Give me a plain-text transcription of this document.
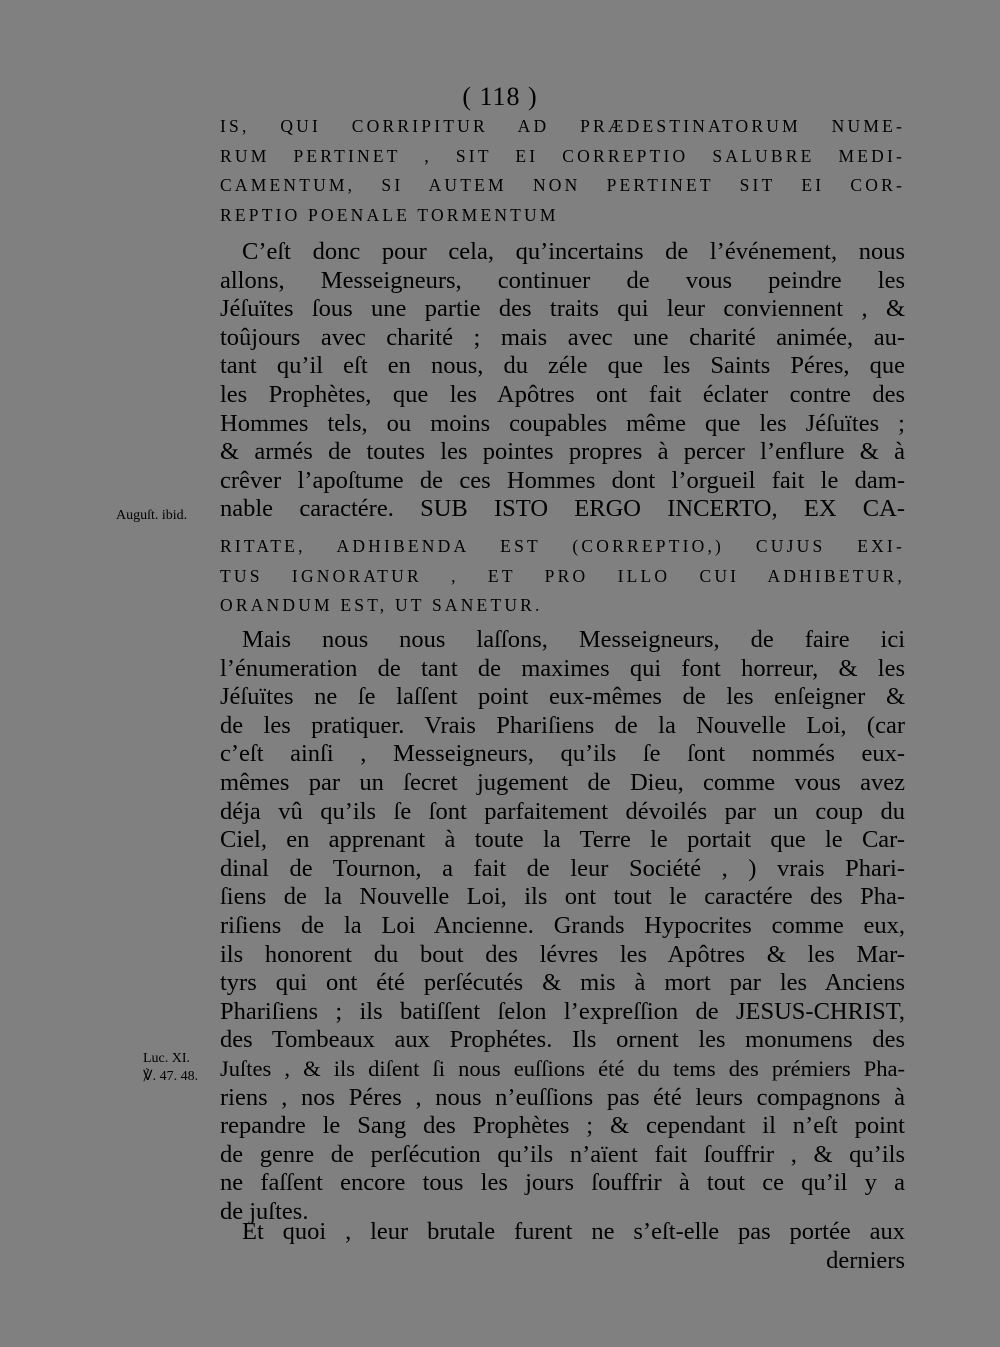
( 118 )
IS, QUI CORRIPITUR AD PRÆDESTINATORUM NUME-
RUM PERTINET , SIT EI CORREPTIO SALUBRE MEDI-
CAMENTUM, SI AUTEM NON PERTINET SIT EI COR-
REPTIO POENALE TORMENTUM
C’eſt donc pour cela, qu’incertains de l’événement, nous
allons, Messeigneurs, continuer de vous peindre les
Jéſuïtes ſous une partie des traits qui leur conviennent , &
toûjours avec charité ; mais avec une charité animée, au-
tant qu’il eſt en nous, du zéle que les Saints Péres, que
les Prophètes, que les Apôtres ont fait éclater contre des
Hommes tels, ou moins coupables même que les Jéſuïtes ;
& armés de toutes les pointes propres à percer l’enflure & à
crêver l’apoſtume de ces Hommes dont l’orgueil fait le dam-
nable caractére. SUB ISTO ERGO INCERTO, EX CA-
Auguſt. ibid.
RITATE, ADHIBENDA EST (CORREPTIO,) CUJUS EXI-
TUS IGNORATUR , ET PRO ILLO CUI ADHIBETUR,
ORANDUM EST, UT SANETUR.
Mais nous nous laſſons, Messeigneurs, de faire ici
l’énumeration de tant de maximes qui font horreur, & les
Jéſuïtes ne ſe laſſent point eux-mêmes de les enſeigner &
de les pratiquer. Vrais Phariſiens de la Nouvelle Loi, (car
c’eſt ainſi , Messeigneurs, qu’ils ſe ſont nommés eux-
mêmes par un ſecret jugement de Dieu, comme vous avez
déja vû qu’ils ſe ſont parfaitement dévoilés par un coup du
Ciel, en apprenant à toute la Terre le portait que le Car-
dinal de Tournon, a fait de leur Société , ) vrais Phari-
ſiens de la Nouvelle Loi, ils ont tout le caractére des Pha-
riſiens de la Loi Ancienne. Grands Hypocrites comme eux,
ils honorent du bout des lévres les Apôtres & les Mar-
tyrs qui ont été perſécutés & mis à mort par les Anciens
Phariſiens ; ils batiſſent ſelon l’expreſſion de JESUS-CHRIST,
des Tombeaux aux Prophétes. Ils ornent les monumens des
Juſtes , & ils diſent ſi nous euſſions été du tems des prémiers Pha-
riens , nos Péres , nous n’euſſions pas été leurs compagnons à
repandre le Sang des Prophètes ; & cependant il n’eſt point
de genre de perſécution qu’ils n’aïent fait ſouffrir , & qu’ils
ne faſſent encore tous les jours ſouffrir à tout ce qu’il y a
de juſtes.
Luc. XI.
℣. 47. 48.
Et quoi , leur brutale furent ne s’eſt-elle pas portée aux
derniers
